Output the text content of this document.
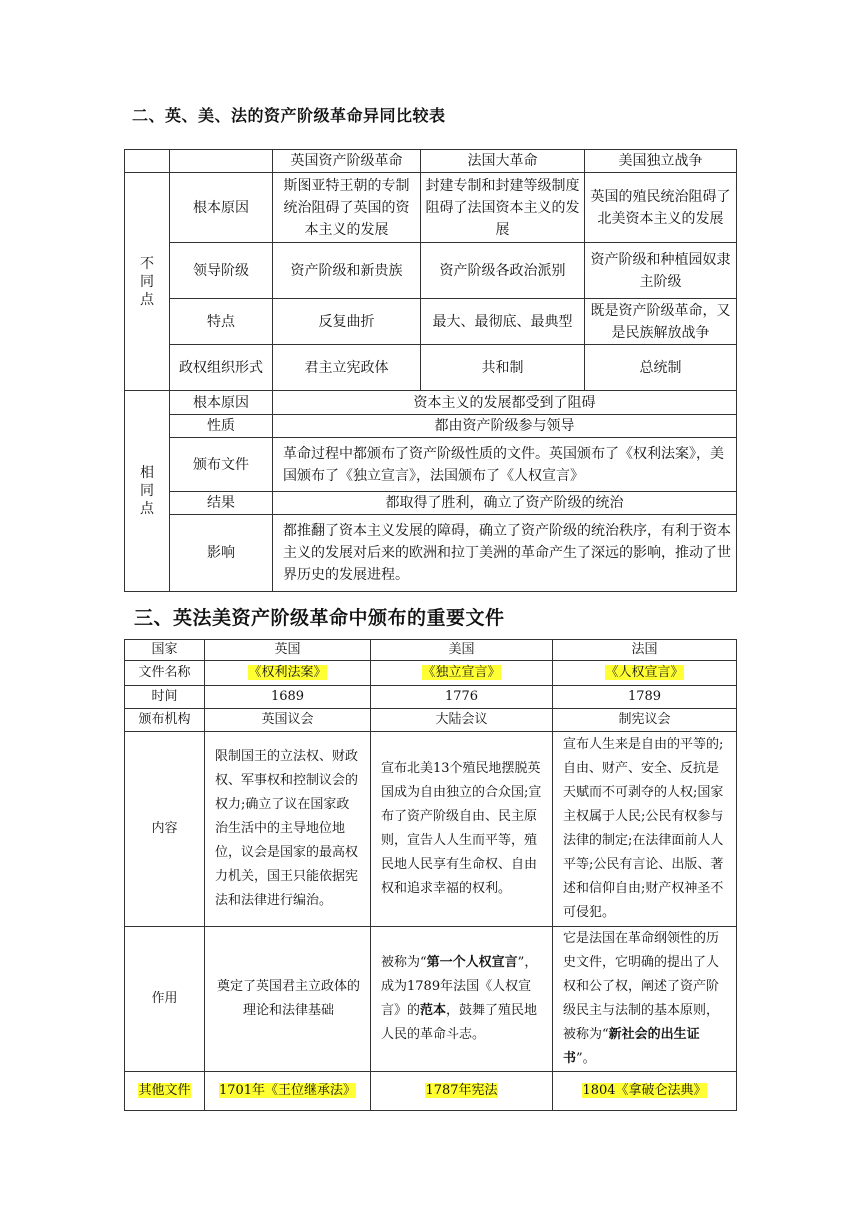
二、英、美、法的资产阶级革命异同比较表
		英国资产阶级革命	法国大革命	美国独立战争

不
同
点	根本原因	斯图亚特王朝的专制统治阻碍了英国的资本主义的发展	封建专制和封建等级制度阻碍了法国资本主义的发展	英国的殖民统治阻碍了北美资本主义的发展
	领导阶级	资产阶级和新贵族	资产阶级各政治派别	资产阶级和种植园奴隶主阶级
	特点	反复曲折	最大、最彻底、最典型	既是资产阶级革命，又是民族解放战争
	政权组织形式	君主立宪政体	共和制	总统制

相
同
点	根本原因	资本主义的发展都受到了阻碍		
	性质	都由资产阶级参与领导		
	颁布文件	革命过程中都颁布了资产阶级性质的文件。英国颁布了《权利法案》，美国颁布了《独立宣言》，法国颁布了《人权宣言》		
	结果	都取得了胜利，确立了资产阶级的统治		
	影响	都推翻了资本主义发展的障碍，确立了资产阶级的统治秩序，有利于资本主义的发展对后来的欧洲和拉丁美洲的革命产生了深远的影响，推动了世界历史的发展进程。		
三、英法美资产阶级革命中颁布的重要文件
国家	英国	美国	法国
文件名称	《权利法案》	《独立宣言》	《人权宣言》
时间	1689	1776	1789
颁布机构	英国议会	大陆会议	制宪议会
内容	限制国王的立法权、财政权、军事权和控制议会的权力;确立了议在国家政治生活中的主导地位地位，议会是国家的最高权力机关，国王只能依据宪法和法律进行编治。	宣布北美13个殖民地摆脱英国成为自由独立的合众国;宣布了资产阶级自由、民主原则，宣告人人生而平等，殖民地人民享有生命权、自由权和追求幸福的权利。	宣布人生来是自由的平等的;自由、财产、安全、反抗是天赋而不可剥夺的人权;国家主权属于人民;公民有权参与法律的制定;在法律面前人人平等;公民有言论、出版、著述和信仰自由;财产权神圣不可侵犯。
作用	奠定了英国君主立政体的理论和法律基础	被称为“第一个人权宣言”，成为1789年法国《人权宣言》的范本，鼓舞了殖民地人民的革命斗志。	它是法国在革命纲领性的历史文件，它明确的提出了人权和公了权，阐述了资产阶级民主与法制的基本原则，被称为“新社会的出生证书”。
其他文件	1701年《王位继承法》	1787年宪法	1804《拿破仑法典》
